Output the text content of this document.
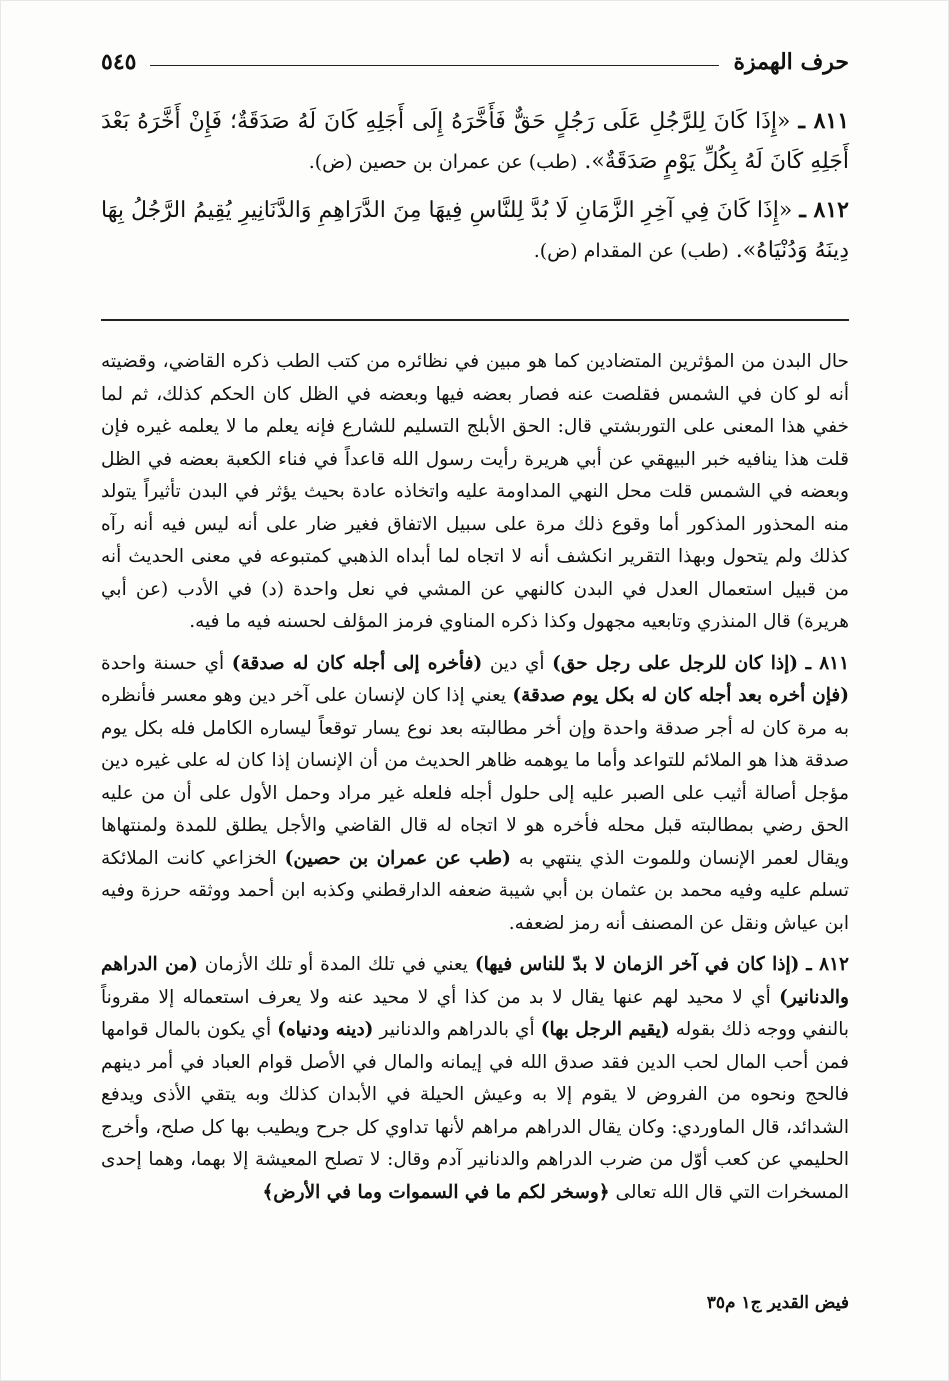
حرف الهمزة
٥٤٥

٨١١ ـ «إِذَا كَانَ لِلرَّجُلِ عَلَى رَجُلٍ حَقٌّ فَأَخَّرَهُ إِلَى أَجَلِهِ كَانَ لَهُ صَدَقَةٌ؛ فَإِنْ أَخَّرَهُ بَعْدَ أَجَلِهِ كَانَ لَهُ بِكُلِّ يَوْمٍ صَدَقَةٌ». (طب) عن عمران بن حصين (ض).

٨١٢ ـ «إِذَا كَانَ فِي آخِرِ الزَّمَانِ لَا بُدَّ لِلنَّاسِ فِيهَا مِنَ الدَّرَاهِمِ وَالدَّنَانِيرِ يُقِيمُ الرَّجُلُ بِهَا دِينَهُ وَدُنْيَاهُ». (طب) عن المقدام (ض).

حال البدن من المؤثرين المتضادين كما هو مبين في نظائره من كتب الطب ذكره القاضي، وقضيته أنه لو كان في الشمس فقلصت عنه فصار بعضه فيها وبعضه في الظل كان الحكم كذلك، ثم لما خفي هذا المعنى على التوربشتي قال: الحق الأبلج التسليم للشارع فإنه يعلم ما لا يعلمه غيره فإن قلت هذا ينافيه خبر البيهقي عن أبي هريرة رأيت رسول الله قاعداً في فناء الكعبة بعضه في الظل وبعضه في الشمس قلت محل النهي المداومة عليه واتخاذه عادة بحيث يؤثر في البدن تأثيراً يتولد منه المحذور المذكور أما وقوع ذلك مرة على سبيل الاتفاق فغير ضار على أنه ليس فيه أنه رآه كذلك ولم يتحول وبهذا التقرير انكشف أنه لا اتجاه لما أبداه الذهبي كمتبوعه في معنى الحديث أنه من قبيل استعمال العدل في البدن كالنهي عن المشي في نعل واحدة (د) في الأدب (عن أبي هريرة) قال المنذري وتابعيه مجهول وكذا ذكره المناوي فرمز المؤلف لحسنه فيه ما فيه.

٨١١ ـ (إذا كان للرجل على رجل حق) أي دين (فأخره إلى أجله كان له صدقة) أي حسنة واحدة (فإن أخره بعد أجله كان له بكل يوم صدقة) يعني إذا كان لإنسان على آخر دين وهو معسر فأنظره به مرة كان له أجر صدقة واحدة وإن أخر مطالبته بعد نوع يسار توقعاً ليساره الكامل فله بكل يوم صدقة هذا هو الملائم للتواعد وأما ما يوهمه ظاهر الحديث من أن الإنسان إذا كان له على غيره دين مؤجل أصالة أثيب على الصبر عليه إلى حلول أجله فلعله غير مراد وحمل الأول على أن من عليه الحق رضي بمطالبته قبل محله فأخره هو لا اتجاه له قال القاضي والأجل يطلق للمدة ولمنتهاها ويقال لعمر الإنسان وللموت الذي ينتهي به (طب عن عمران بن حصين) الخزاعي كانت الملائكة تسلم عليه وفيه محمد بن عثمان بن أبي شيبة ضعفه الدارقطني وكذبه ابن أحمد ووثقه حرزة وفيه ابن عياش ونقل عن المصنف أنه رمز لضعفه.

٨١٢ ـ (إذا كان في آخر الزمان لا بدّ للناس فيها) يعني في تلك المدة أو تلك الأزمان (من الدراهم والدنانير) أي لا محيد لهم عنها يقال لا بد من كذا أي لا محيد عنه ولا يعرف استعماله إلا مقروناً بالنفي ووجه ذلك بقوله (يقيم الرجل بها) أي بالدراهم والدنانير (دينه ودنياه) أي يكون بالمال قوامها فمن أحب المال لحب الدين فقد صدق الله في إيمانه والمال في الأصل قوام العباد في أمر دينهم فالحج ونحوه من الفروض لا يقوم إلا به وعيش الحيلة في الأبدان كذلك وبه يتقي الأذى ويدفع الشدائد، قال الماوردي: وكان يقال الدراهم مراهم لأنها تداوي كل جرح ويطيب بها كل صلح، وأخرج الحليمي عن كعب أوّل من ضرب الدراهم والدنانير آدم وقال: لا تصلح المعيشة إلا بهما، وهما إحدى المسخرات التي قال الله تعالى ﴿وسخر لكم ما في السموات وما في الأرض﴾

فيض القدير ج١ م٣٥
